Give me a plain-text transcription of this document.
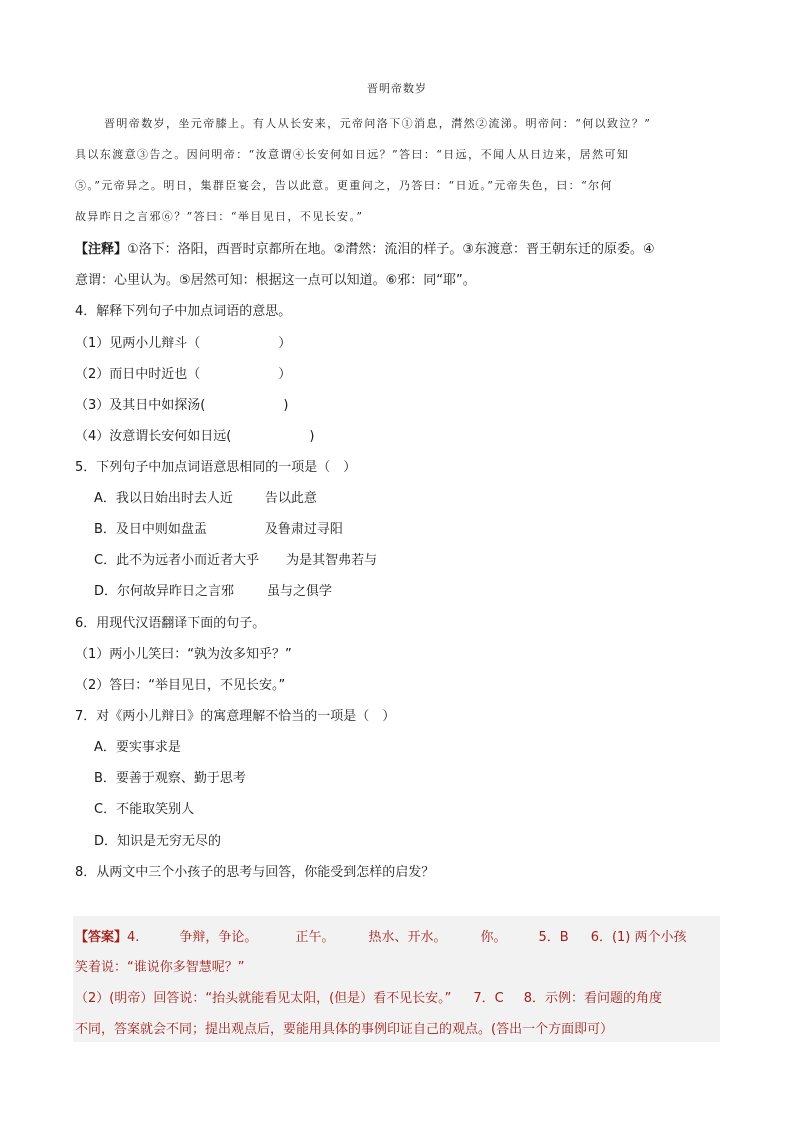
晋明帝数岁
晋明帝数岁，坐元帝膝上。有人从长安来，元帝问洛下①消息，潸然②流涕。明帝问：“何以致泣？”
具以东渡意③告之。因问明帝：“汝意谓④长安何如日远？”答曰：“日远，不闻人从日边来，居然可知
⑤。”元帝异之。明日，集群臣宴会，告以此意。更重问之，乃答曰：“日近。”元帝失色，曰：“尔何
故异昨日之言邪⑥？”答曰：“举目见日，不见长安。”
【注释】①洛下：洛阳，西晋时京都所在地。②潸然：流泪的样子。③东渡意：晋王朝东迁的原委。④
意谓：心里认为。⑤居然可知：根据这一点可以知道。⑥邪：同“耶”。
4．解释下列句子中加点词语的意思。
（1）见两小儿辩斗（　　　　　　）
（2）而日中时近也（　　　　　　）
（3）及其日中如探汤(　　　　　　)
（4）汝意谓长安何如日远(　　　　　　)
5．下列句子中加点词语意思相同的一项是（　）
A．我以日始出时去人近 告以此意
B．及日中则如盘盂	及鲁肃过寻阳
C．此不为远者小而近者大乎 为是其智弗若与
D．尔何故异昨日之言邪	虽与之俱学
6．用现代汉语翻译下面的句子。
（1）两小儿笑曰：“孰为汝多知乎？”
（2）答曰：“举目见日，不见长安。”
7．对《两小儿辩日》的寓意理解不恰当的一项是（　）
A．要实事求是
B．要善于观察、勤于思考
C．不能取笑别人
D．知识是无穷无尽的
8．从两文中三个小孩子的思考与回答，你能受到怎样的启发？
【答案】4.	争辩，争论。	正午。	热水、开水。	你。 5．B 6．(1) 两个小孩
笑着说：“谁说你多智慧呢？”
（2）(明帝）回答说：“抬头就能看见太阳，(但是）看不见长安。” 7．C 8．示例：看问题的角度
不同，答案就会不同；提出观点后，要能用具体的事例印证自己的观点。(答出一个方面即可）
